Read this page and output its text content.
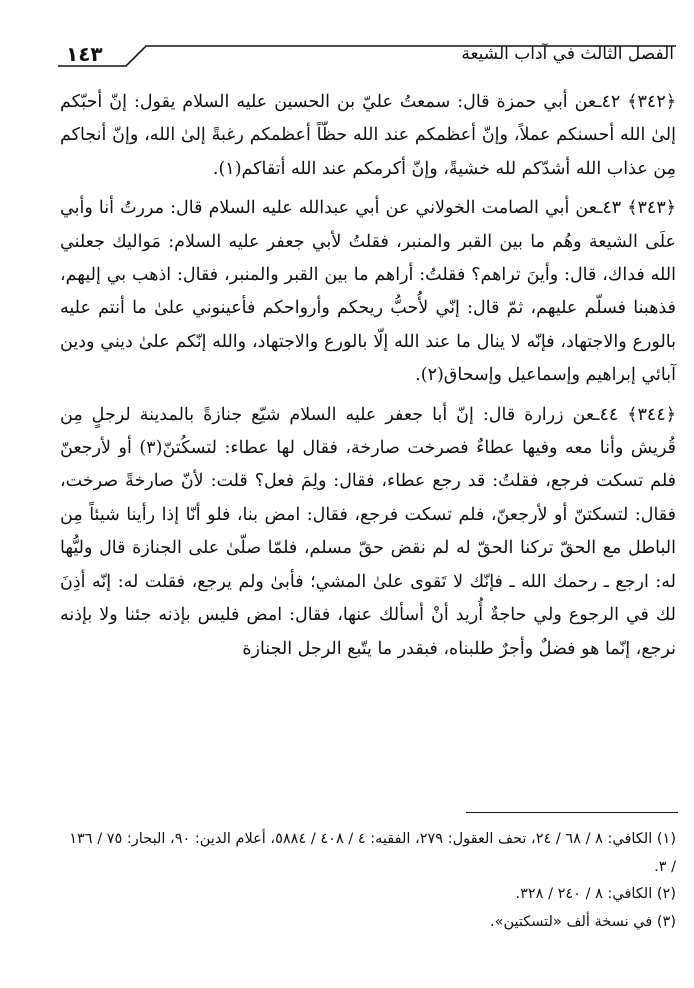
١٤٣	الفصل الثالث في آداب الشيعة

﴿٣٤٢﴾ ٤٢ـعن أبي حمزة قال: سمعتُ عليّ بن الحسين عليه السلام يقول: إنّ أحبّكم إلىٰ الله أحسنكم عملاً، وإنّ أعظمكم عند الله حظّاً أعظمكم رغبةً إلىٰ الله، وإنّ أنجاكم مِن عذاب الله أشدّكم لله خشيةً، وإنّ أكرمكم عند الله أتقاكم(١).

﴿٣٤٣﴾ ٤٣ـعن أبي الصامت الخولاني عن أبي عبدالله عليه السلام قال: مررتُ أنا وأبي علَى الشيعة وهُم ما بين القبر والمنبر، فقلتُ لأبي جعفر عليه السلام: مَواليك جعلني الله فداك، قال: وأينَ تراهم؟ فقلتُ: أراهم ما بين القبر والمنبر، فقال: اذهب بي إليهم، فذهبنا فسلّم عليهم، ثمّ قال: إنّي لأُحبُّ ريحكم وأرواحكم فأعينوني علىٰ ما أنتم عليه بالورع والاجتهاد، فإنّه لا ينال ما عند الله إلّا بالورع والاجتهاد، والله إنّكم علىٰ ديني ودين آبائي إبراهيم وإسماعيل وإسحاق(٢).

﴿٣٤٤﴾ ٤٤ـعن زرارة قال: إنّ أبا جعفر عليه السلام شيّع جنازةً بالمدينة لرجلٍ مِن قُريش وأنا معه وفيها عطاءٌ فصرخت صارخة، فقال لها عطاء: لتسكُتنّ(٣) أو لأرجعنّ فلم تسكت فرجع، فقلتُ: قد رجع عطاء، فقال: ولِمَ فعل؟ قلت: لأنّ صارخةً صرخت، فقال: لتسكتنّ أو لأرجعنّ، فلم تسكت فرجع، فقال: امض بنا، فلو أنّا إذا رأينا شيئاً مِن الباطل مع الحقّ تركنا الحقّ له لم نقض حقّ مسلم، فلمّا صلّىٰ على الجنازة قال وليُّها له: ارجع ـ رحمك الله ـ فإنّك لا تَقوى علىٰ المشي؛ فأبىٰ ولم يرجع، فقلت له: إنّه أذِنَ لك في الرجوع ولي حاجةٌ أُريد أنْ أسألك عنها، فقال: امض فليس بإذنه جئنا ولا بإذنه نرجع، إنّما هو فضلٌ وأجرٌ طلبناه، فبقدر ما يتّبع الرجل الجنازة

(١) الكافي: ٨ / ٦٨ / ٢٤، تحف العقول: ٢٧٩، الفقيه: ٤ / ٤٠٨ / ٥٨٨٤، أعلام الدين: ٩٠، البحار: ٧٥ / ١٣٦ / ٣.

(٢) الكافي: ٨ / ٢٤٠ / ٣٢٨.

(٣) في نسخة ألف «لتسكتين».
